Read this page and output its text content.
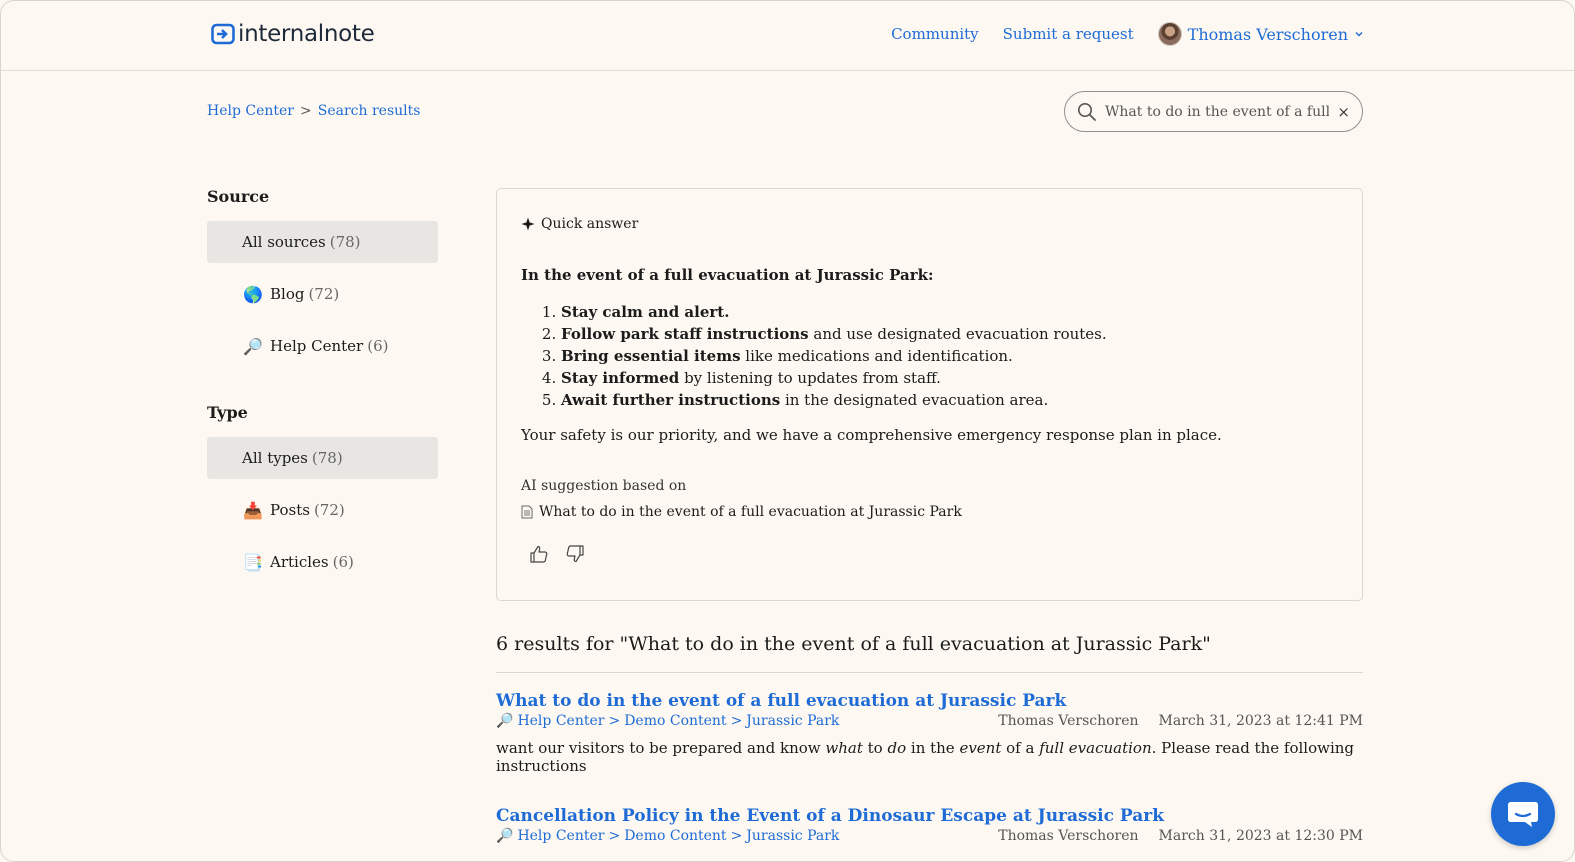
internalnote	Community Submit a request	Thomas Verschoren
Help Center > Search results
What to do in the event of a full evacuation at Jurassic Park	×
Source
All sources (78)
🌎 Blog (72)
🔎 Help Center (6)
Type
All types (78)
📥 Posts (72)
📑 Articles (6)
Quick answer
In the event of a full evacuation at Jurassic Park:
1. Stay calm and alert.
2. Follow park staff instructions and use designated evacuation routes.
3. Bring essential items like medications and identification.
4. Stay informed by listening to updates from staff.
5. Await further instructions in the designated evacuation area.
Your safety is our priority, and we have a comprehensive emergency response plan in place.
AI suggestion based on
What to do in the event of a full evacuation at Jurassic Park
6 results for "What to do in the event of a full evacuation at Jurassic Park"
What to do in the event of a full evacuation at Jurassic Park
🔎 Help Center > Demo Content > Jurassic Park	Thomas Verschoren March 31, 2023 at 12:41 PM
want our visitors to be prepared and know what to do in the event of a full evacuation. Please read the following instructions
Cancellation Policy in the Event of a Dinosaur Escape at Jurassic Park
🔎 Help Center > Demo Content > Jurassic Park	Thomas Verschoren March 31, 2023 at 12:30 PM
